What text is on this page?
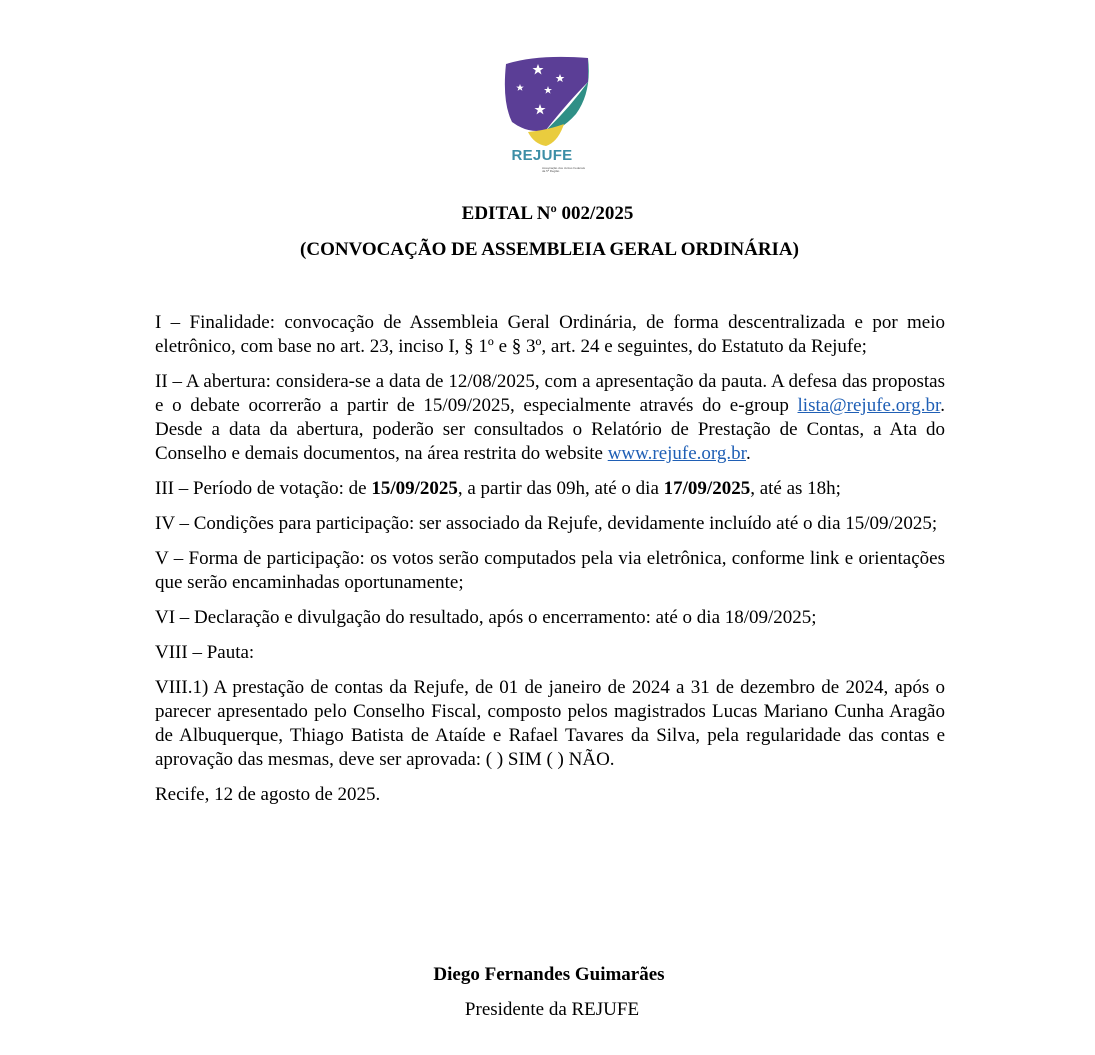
REJUFE
Associação dos Juízes Federais da 5ª Região
EDITAL Nº 002/2025
(CONVOCAÇÃO DE ASSEMBLEIA GERAL ORDINÁRIA)

I – Finalidade: convocação de Assembleia Geral Ordinária, de forma descentralizada e por meio eletrônico, com base no art. 23, inciso I, § 1º e § 3º, art. 24 e seguintes, do Estatuto da Rejufe;

II – A abertura: considera-se a data de 12/08/2025, com a apresentação da pauta. A defesa das propostas e o debate ocorrerão a partir de 15/09/2025, especialmente através do e-group lista@rejufe.org.br. Desde a data da abertura, poderão ser consultados o Relatório de Prestação de Contas, a Ata do Conselho e demais documentos, na área restrita do website www.rejufe.org.br.

III – Período de votação: de 15/09/2025, a partir das 09h, até o dia 17/09/2025, até as 18h;

IV – Condições para participação: ser associado da Rejufe, devidamente incluído até o dia 15/09/2025;

V – Forma de participação: os votos serão computados pela via eletrônica, conforme link e orientações que serão encaminhadas oportunamente;

VI – Declaração e divulgação do resultado, após o encerramento: até o dia 18/09/2025;

VIII – Pauta:

VIII.1) A prestação de contas da Rejufe, de 01 de janeiro de 2024 a 31 de dezembro de 2024, após o parecer apresentado pelo Conselho Fiscal, composto pelos magistrados Lucas Mariano Cunha Aragão de Albuquerque, Thiago Batista de Ataíde e Rafael Tavares da Silva, pela regularidade das contas e aprovação das mesmas, deve ser aprovada: ( ) SIM ( ) NÃO.

Recife, 12 de agosto de 2025.

Diego Fernandes Guimarães
Presidente da REJUFE
